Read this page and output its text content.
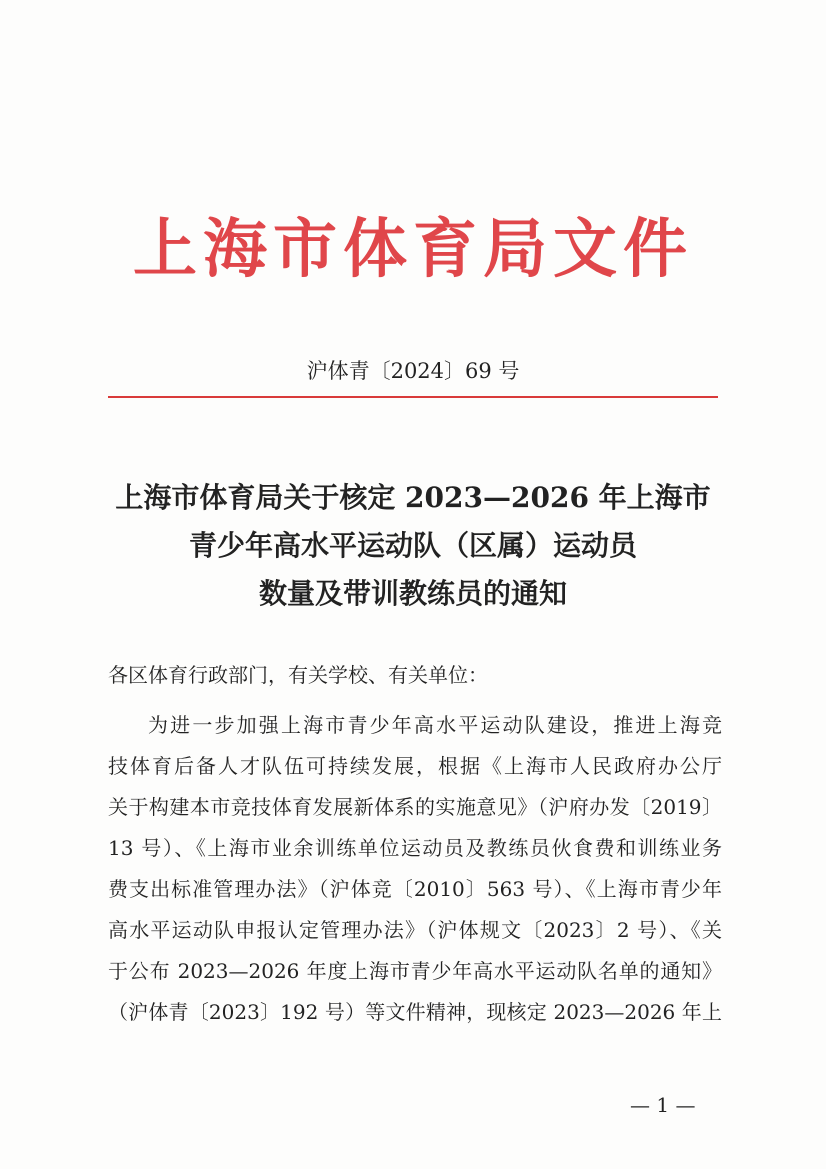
上海市体育局文件
沪体青〔2024〕69 号
上海市体育局关于核定 2023—2026 年上海市
青少年高水平运动队（区属）运动员
数量及带训教练员的通知
各区体育行政部门，有关学校、有关单位：
为进一步加强上海市青少年高水平运动队建设，推进上海竞
技体育后备人才队伍可持续发展，根据《上海市人民政府办公厅
关于构建本市竞技体育发展新体系的实施意见》（沪府办发〔2019〕
13 号）、《上海市业余训练单位运动员及教练员伙食费和训练业务
费支出标准管理办法》（沪体竞〔2010〕563 号）、《上海市青少年
高水平运动队申报认定管理办法》（沪体规文〔2023〕2 号）、《关
于公布 2023—2026 年度上海市青少年高水平运动队名单的通知》
（沪体青〔2023〕192 号）等文件精神，现核定 2023—2026 年上
— 1 —
